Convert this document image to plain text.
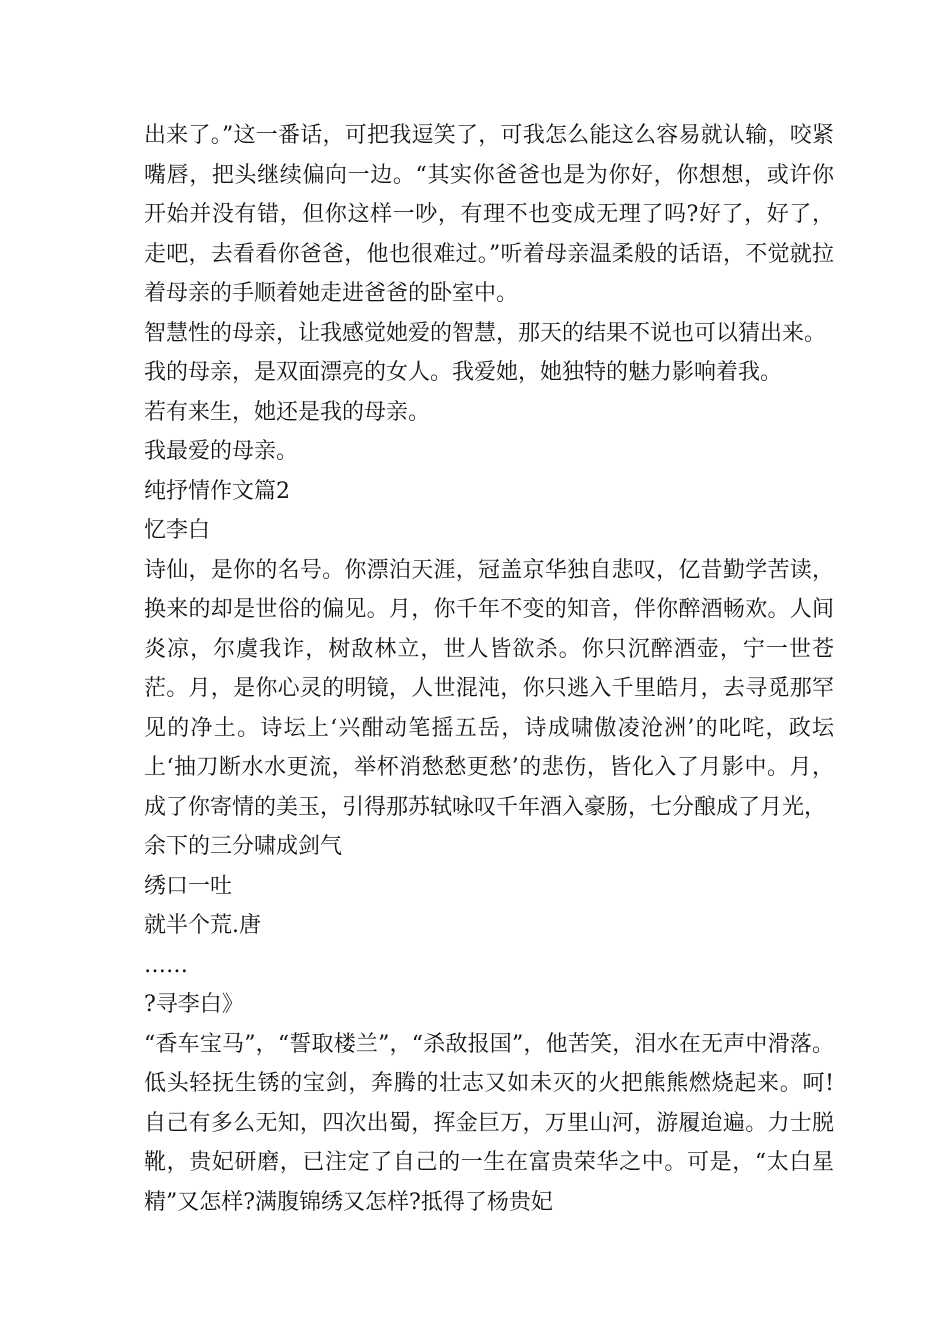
出来了。”这一番话，可把我逗笑了，可我怎么能这么容易就认输，咬紧嘴唇，把头继续偏向一边。“其实你爸爸也是为你好，你想想，或许你开始并没有错，但你这样一吵，有理不也变成无理了吗?好了，好了，走吧，去看看你爸爸，他也很难过。”听着母亲温柔般的话语，不觉就拉着母亲的手顺着她走进爸爸的卧室中。

智慧性的母亲，让我感觉她爱的智慧，那天的结果不说也可以猜出来。

我的母亲，是双面漂亮的女人。我爱她，她独特的魅力影响着我。

若有来生，她还是我的母亲。

我最爱的母亲。

纯抒情作文篇2

忆李白

诗仙，是你的名号。你漂泊天涯，冠盖京华独自悲叹，亿昔勤学苦读，换来的却是世俗的偏见。月，你千年不变的知音，伴你醉酒畅欢。人间炎凉，尔虞我诈，树敌林立，世人皆欲杀。你只沉醉酒壶，宁一世苍茫。月，是你心灵的明镜，人世混沌，你只逃入千里皓月，去寻觅那罕见的净土。诗坛上‘兴酣动笔摇五岳，诗成啸傲凌沧洲’的叱咤，政坛上‘抽刀断水水更流，举杯消愁愁更愁’的悲伤，皆化入了月影中。月，成了你寄情的美玉，引得那苏轼咏叹千年酒入豪肠，七分酿成了月光，

余下的三分啸成剑气

绣口一吐

就半个荒.唐

……

?寻李白》

“香车宝马”，“誓取楼兰”，“杀敌报国”，他苦笑，泪水在无声中滑落。低头轻抚生锈的宝剑，奔腾的壮志又如未灭的火把熊熊燃烧起来。呵!自己有多么无知，四次出蜀，挥金巨万，万里山河，游履迨遍。力士脱靴，贵妃研磨，已注定了自己的一生在富贵荣华之中。可是，“太白星精”又怎样?满腹锦绣又怎样?抵得了杨贵妃
